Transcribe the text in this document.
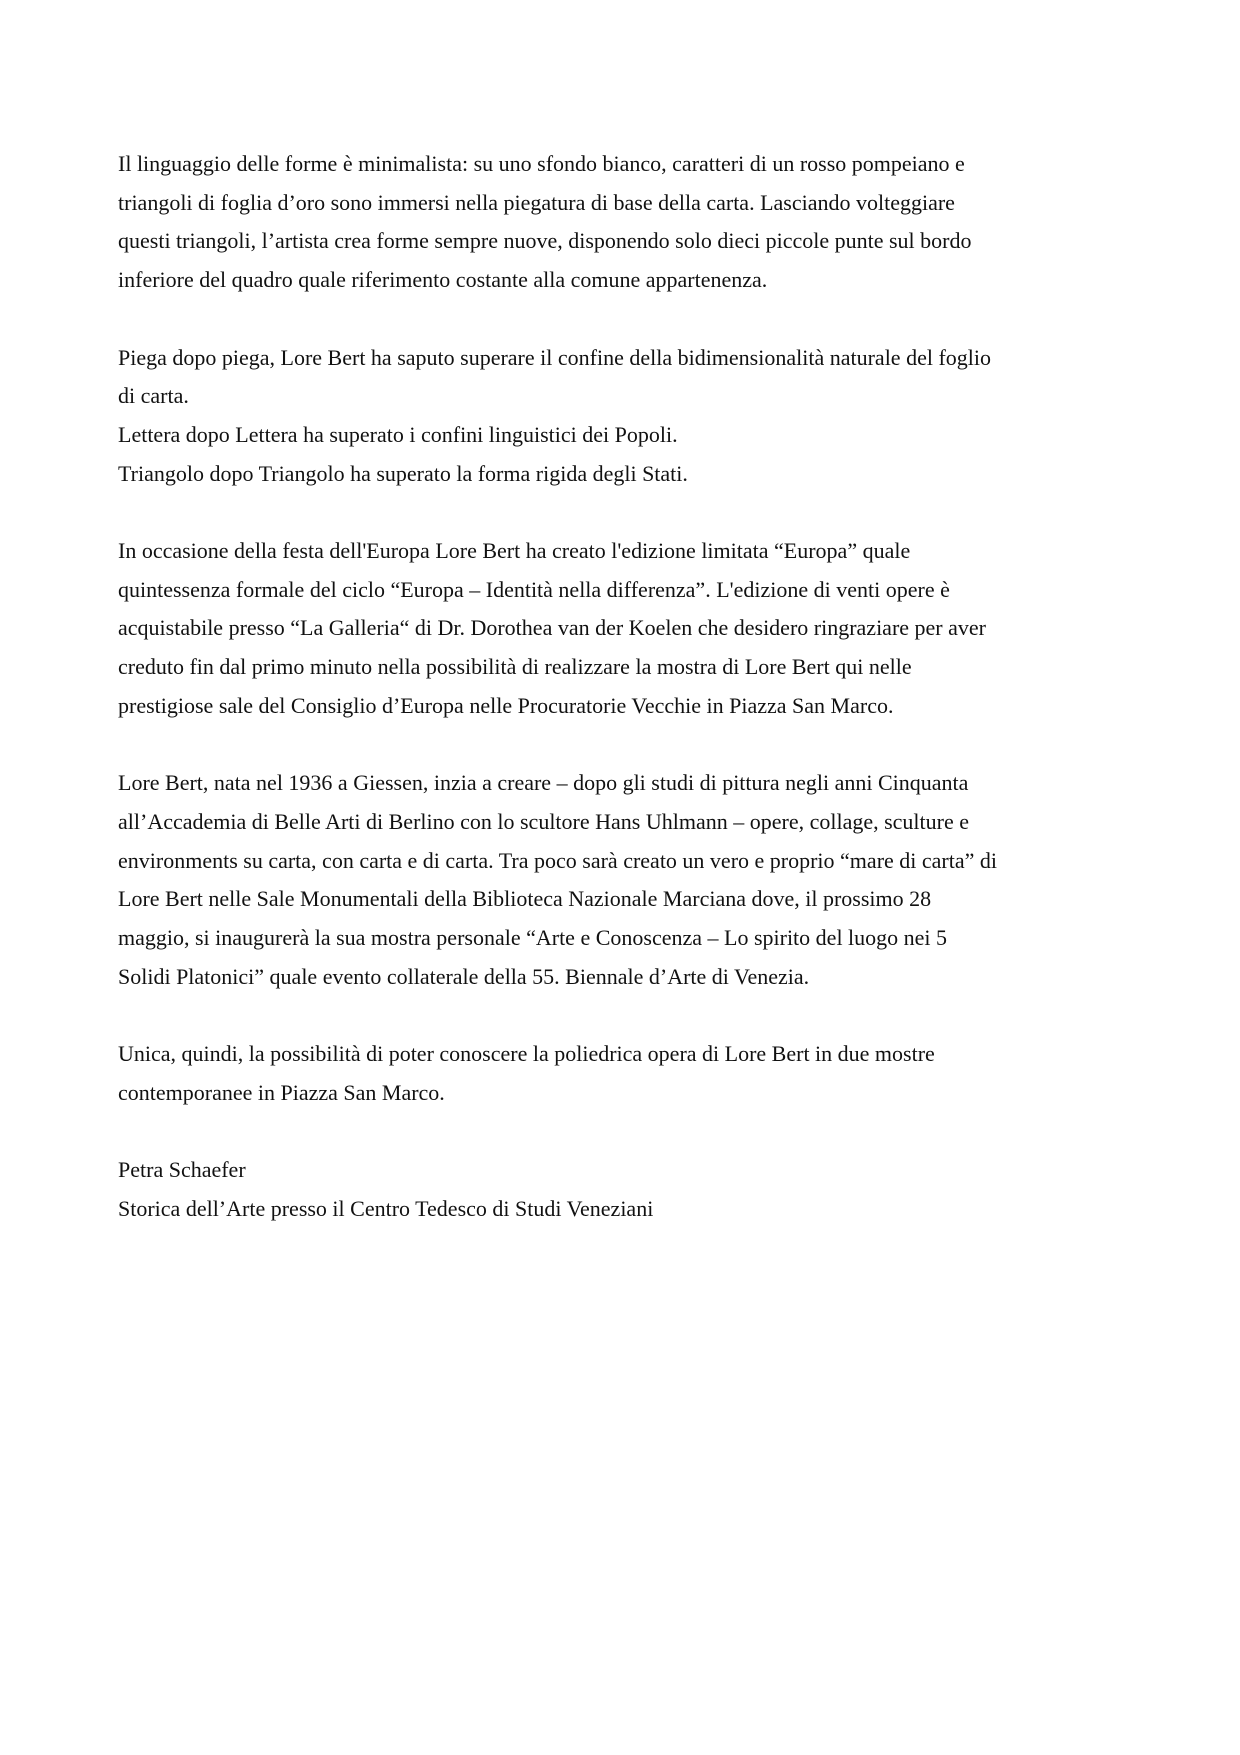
Il linguaggio delle forme è minimalista: su uno sfondo bianco, caratteri di un rosso pompeiano e
triangoli di foglia d’oro sono immersi nella piegatura di base della carta. Lasciando volteggiare
questi triangoli, l’artista crea forme sempre nuove, disponendo solo dieci piccole punte sul bordo
inferiore del quadro quale riferimento costante alla comune appartenenza.

Piega dopo piega, Lore Bert ha saputo superare il confine della bidimensionalità naturale del foglio
di carta.
Lettera dopo Lettera ha superato i confini linguistici dei Popoli.
Triangolo dopo Triangolo ha superato la forma rigida degli Stati.

In occasione della festa dell'Europa Lore Bert ha creato l'edizione limitata “Europa” quale
quintessenza formale del ciclo “Europa – Identità nella differenza”. L'edizione di venti opere è
acquistabile presso “La Galleria“ di Dr. Dorothea van der Koelen che desidero ringraziare per aver
creduto fin dal primo minuto nella possibilità di realizzare la mostra di Lore Bert qui nelle
prestigiose sale del Consiglio d’Europa nelle Procuratorie Vecchie in Piazza San Marco.

Lore Bert, nata nel 1936 a Giessen, inzia a creare – dopo gli studi di pittura negli anni Cinquanta
all’Accademia di Belle Arti di Berlino con lo scultore Hans Uhlmann – opere, collage, sculture e
environments su carta, con carta e di carta. Tra poco sarà creato un vero e proprio “mare di carta” di
Lore Bert nelle Sale Monumentali della Biblioteca Nazionale Marciana dove, il prossimo 28
maggio, si inaugurerà la sua mostra personale “Arte e Conoscenza – Lo spirito del luogo nei 5
Solidi Platonici” quale evento collaterale della 55. Biennale d’Arte di Venezia.

Unica, quindi, la possibilità di poter conoscere la poliedrica opera di Lore Bert in due mostre
contemporanee in Piazza San Marco.

Petra Schaefer
Storica dell’Arte presso il Centro Tedesco di Studi Veneziani
